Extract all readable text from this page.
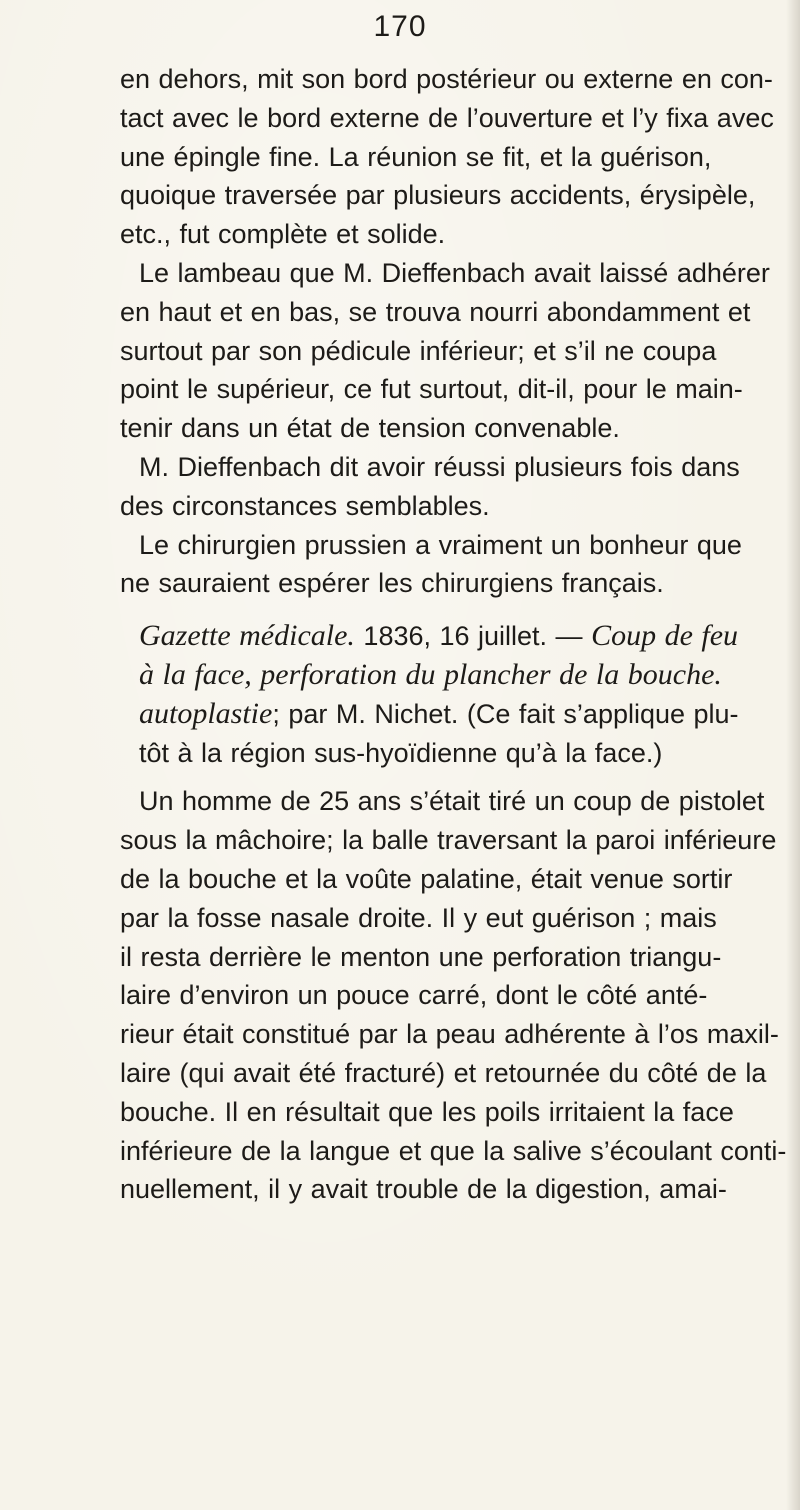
170
en dehors, mit son bord postérieur ou externe en con-
tact avec le bord externe de l’ouverture et l’y fixa avec
une épingle fine. La réunion se fit, et la guérison,
quoique traversée par plusieurs accidents, érysipèle,
etc., fut complète et solide.
Le lambeau que M. Dieffenbach avait laissé adhérer
en haut et en bas, se trouva nourri abondamment et
surtout par son pédicule inférieur; et s’il ne coupa
point le supérieur, ce fut surtout, dit-il, pour le main-
tenir dans un état de tension convenable.
M. Dieffenbach dit avoir réussi plusieurs fois dans
des circonstances semblables.
Le chirurgien prussien a vraiment un bonheur que
ne sauraient espérer les chirurgiens français.
Gazette médicale. 1836, 16 juillet. — Coup de feu
à la face, perforation du plancher de la bouche.
autoplastie; par M. Nichet. (Ce fait s’applique plu-
tôt à la région sus-hyoïdienne qu’à la face.)
Un homme de 25 ans s’était tiré un coup de pistolet
sous la mâchoire; la balle traversant la paroi inférieure
de la bouche et la voûte palatine, était venue sortir
par la fosse nasale droite. Il y eut guérison ; mais
il resta derrière le menton une perforation triangu-
laire d’environ un pouce carré, dont le côté anté-
rieur était constitué par la peau adhérente à l’os maxil-
laire (qui avait été fracturé) et retournée du côté de la
bouche. Il en résultait que les poils irritaient la face
inférieure de la langue et que la salive s’écoulant conti-
nuellement, il y avait trouble de la digestion, amai-
